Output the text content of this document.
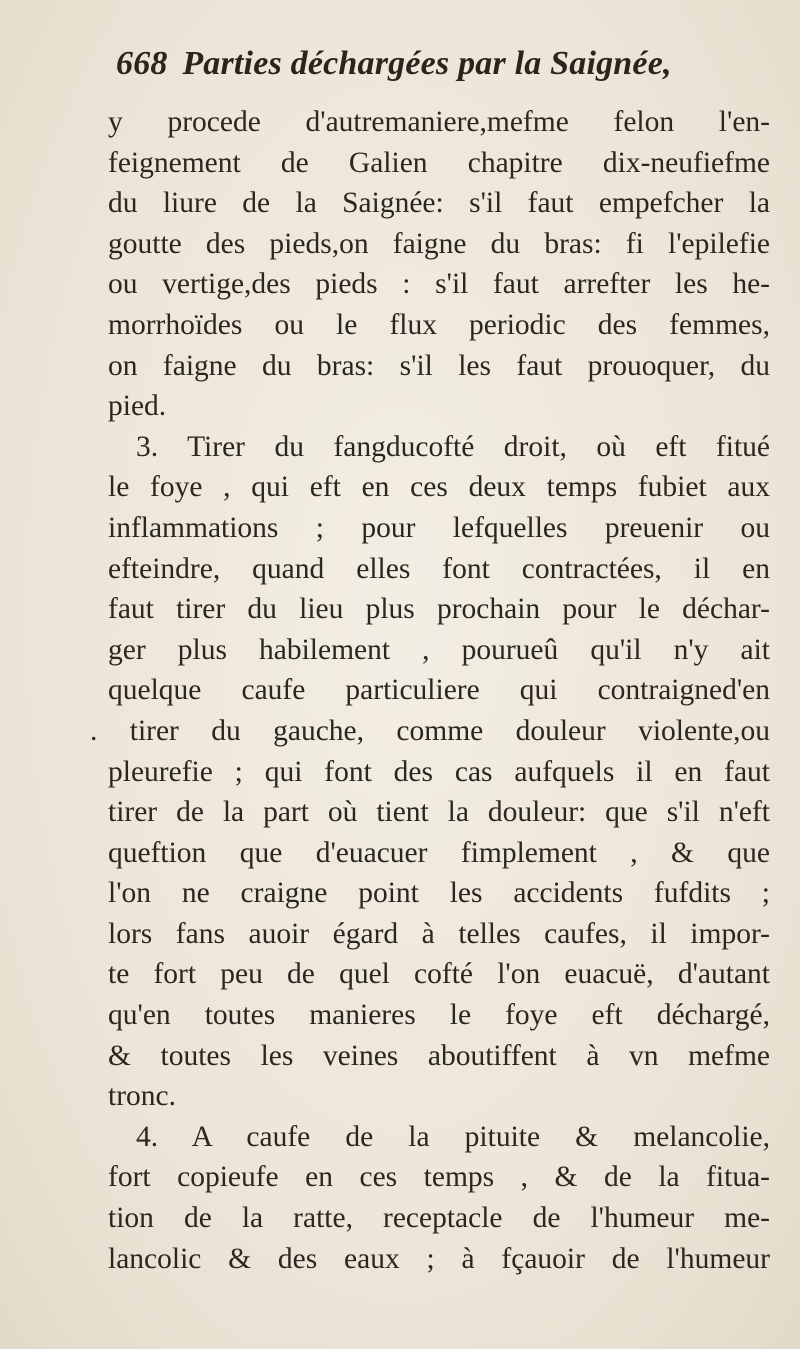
668 Parties déchargées par la Saignée,
y procede d'autremaniere,mefme felon l'en-
feignement de Galien chapitre dix-neufiefme
du liure de la Saignée: s'il faut empefcher la
goutte des pieds,on faigne du bras: fi l'epilefie
ou vertige,des pieds : s'il faut arrefter les he-
morrhoïdes ou le flux periodic des femmes,
on faigne du bras: s'il les faut prouoquer, du
pied.
3. Tirer du fangducofté droit, où eft fitué
le foye , qui eft en ces deux temps fubiet aux
inflammations ; pour lefquelles preuenir ou
efteindre, quand elles font contractées, il en
faut tirer du lieu plus prochain pour le déchar-
ger plus habilement , pourueû qu'il n'y ait
quelque caufe particuliere qui contraigned'en
. tirer du gauche, comme douleur violente,ou
pleurefie ; qui font des cas aufquels il en faut
tirer de la part où tient la douleur: que s'il n'eft
queftion que d'euacuer fimplement , & que
l'on ne craigne point les accidents fufdits ;
lors fans auoir égard à telles caufes, il impor-
te fort peu de quel cofté l'on euacuë, d'autant
qu'en toutes manieres le foye eft déchargé,
& toutes les veines aboutiffent à vn mefme
tronc.
4. A caufe de la pituite & melancolie,
fort copieufe en ces temps , & de la fitua-
tion de la ratte, receptacle de l'humeur me-
lancolic & des eaux ; à fçauoir de l'humeur
